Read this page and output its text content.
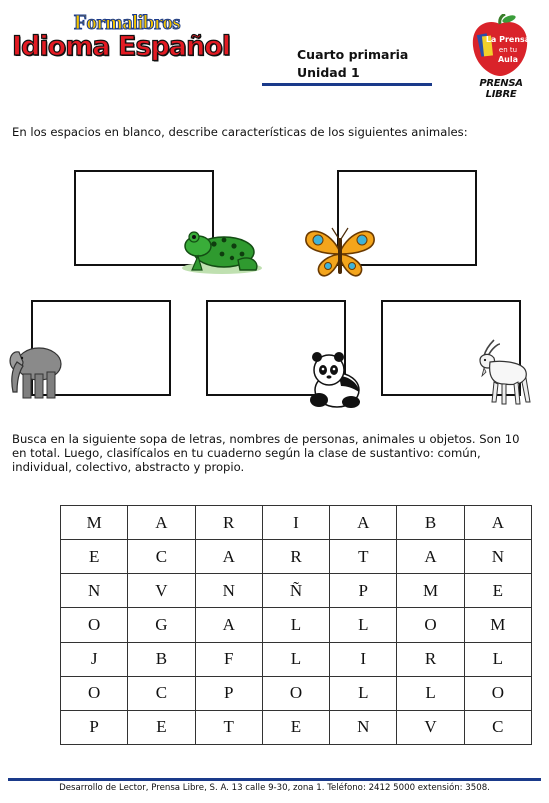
Formalibros
Idioma Español	Cuarto primaria
Unidad 1
La Prensa
en tu
Aula
PRENSA LIBRE
En los espacios en blanco, describe características de los siguientes animales:
Busca en la siguiente sopa de letras, nombres de personas, animales u objetos. Son 10 en total. Luego, clasifícalos en tu cuaderno según la clase de sustantivo: común, individual, colectivo, abstracto y propio.
M	A	R	I	A	B	A
E	C	A	R	T	A	N
N	V	N	Ñ	P	M	E
O	G	A	L	L	O	M
J	B	F	L	I	R	L
O	C	P	O	L	L	O
P	E	T	E	N	V	C
Desarrollo de Lector, Prensa Libre, S. A. 13 calle 9-30, zona 1. Teléfono: 2412 5000 extensión: 3508.
